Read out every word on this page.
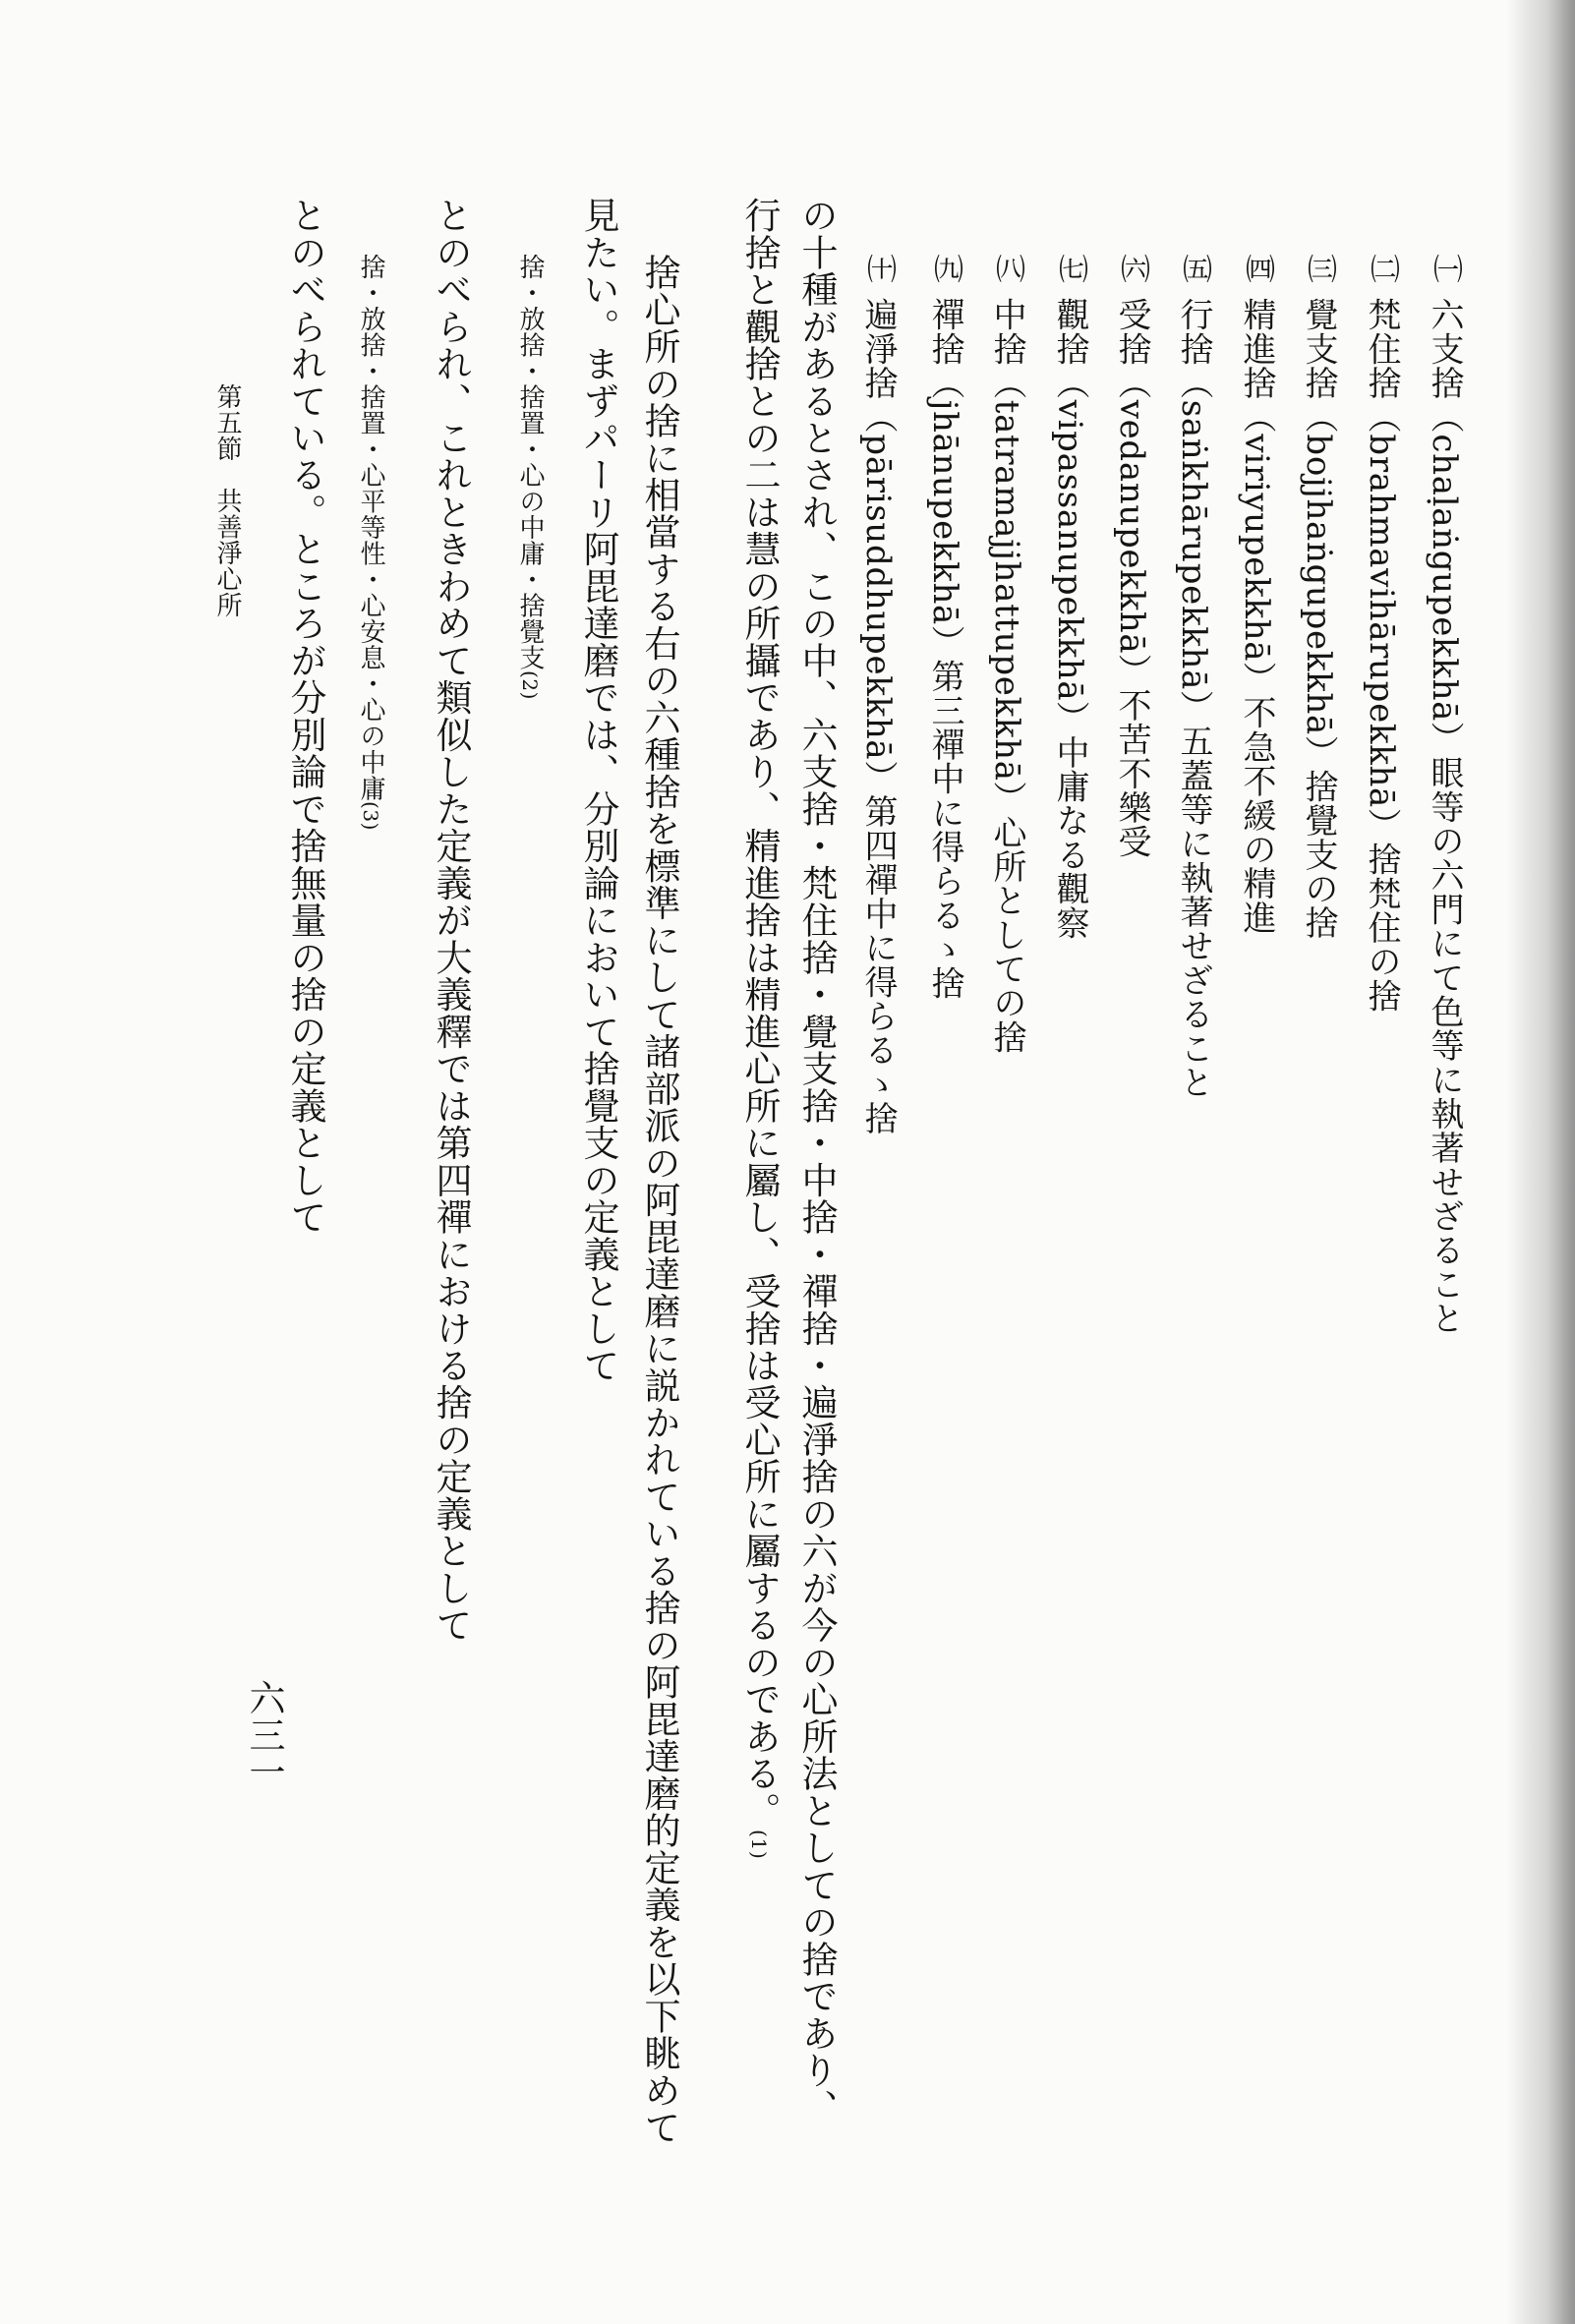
六三一
㈠六支捨（chaḷaṅgupekkhā）眼等の六門にて色等に執著せざること
㈡梵住捨（brahmavihārupekkhā）捨梵住の捨
㈢覺支捨（bojjhaṅgupekkhā）捨覺支の捨
㈣精進捨（viriyupekkhā）不急不緩の精進
㈤行捨（saṅkhārupekkhā）五蓋等に執著せざること
㈥受捨（vedanupekkhā）不苦不樂受
㈦觀捨（vipassanupekkhā）中庸なる觀察
㈧中捨（tatramajjhattupekkhā）心所としての捨
㈨禪捨（jhānupekkhā）第三禪中に得らるゝ捨
㈩遍淨捨（pārisuddhupekkhā）第四禪中に得らるゝ捨
の十種があるとされ、この中、六支捨・梵住捨・覺支捨・中捨・禪捨・遍淨捨の六が今の心所法としての捨であり、
行捨と觀捨との二は慧の所攝であり、精進捨は精進心所に屬し、受捨は受心所に屬するのである。(1)
捨心所の捨に相當する右の六種捨を標準にして諸部派の阿毘達磨に説かれている捨の阿毘達磨的定義を以下眺めて
見たい。まずパーリ阿毘達磨では、分別論において捨覺支の定義として
捨・放捨・捨置・心の中庸・捨覺支(2)
とのべられ、これときわめて類似した定義が大義釋では第四禪における捨の定義として
捨・放捨・捨置・心平等性・心安息・心の中庸(3)
とのべられている。ところが分別論で捨無量の捨の定義として
第五節　共善淨心所
